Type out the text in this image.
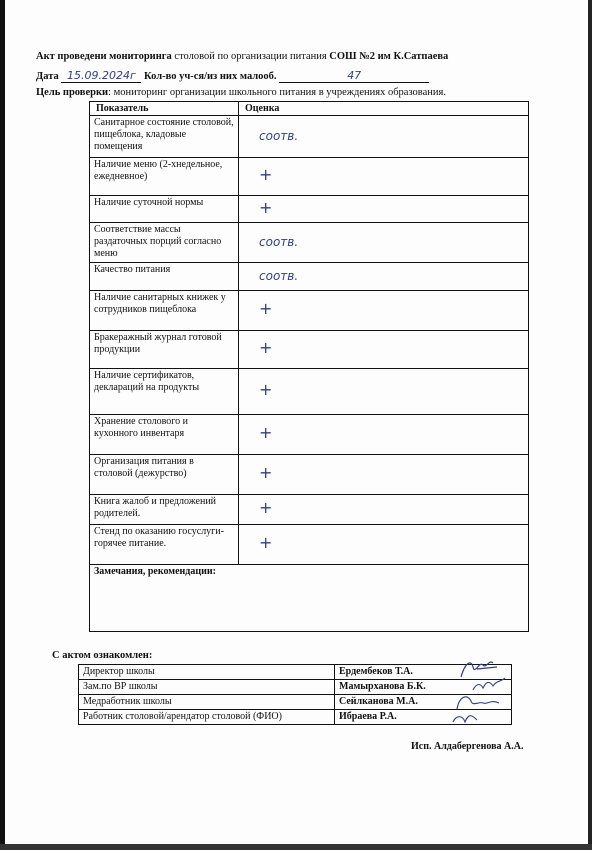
Акт проведени мониторинга столовой по организации питания СОШ №2 им К.Сатпаева
Дата 15.09.2024г Кол-во уч-ся/из них малооб.	47
Цель проверки: мониторинг организации школьного питания в учреждениях образования.
Показатель	Оценка
Санитарное состояние столовой, пищеблока, кладовые помещения	соотв.
Наличие меню (2-хнедельное, ежедневное)	+
Наличие суточной нормы	+
Соответствие массы раздаточных порций согласно меню	соотв.
Качество питания	соотв.
Наличие санитарных книжек у сотрудников пищеблока	+
Бракеражный журнал готовой продукции	+
Наличие сертификатов, деклараций на продукты	+
Хранение столового и кухонного инвентаря	+
Организация питания в столовой (дежурство)	+
Книга жалоб и предложений родителей.	+
Стенд по оказанию госуслуги-горячее питание.	+
Замечания, рекомендации:	
С актом ознакомлен:
Директор школы	Ердембеков Т.А.

Зам.по ВР школы	Мамырханова Б.К.

Медработник школы	Сейлканова М.А.

Работник столовой/арендатор столовой (ФИО)	Ибраева Р.А.
Исп. Алдабергенова А.А.
